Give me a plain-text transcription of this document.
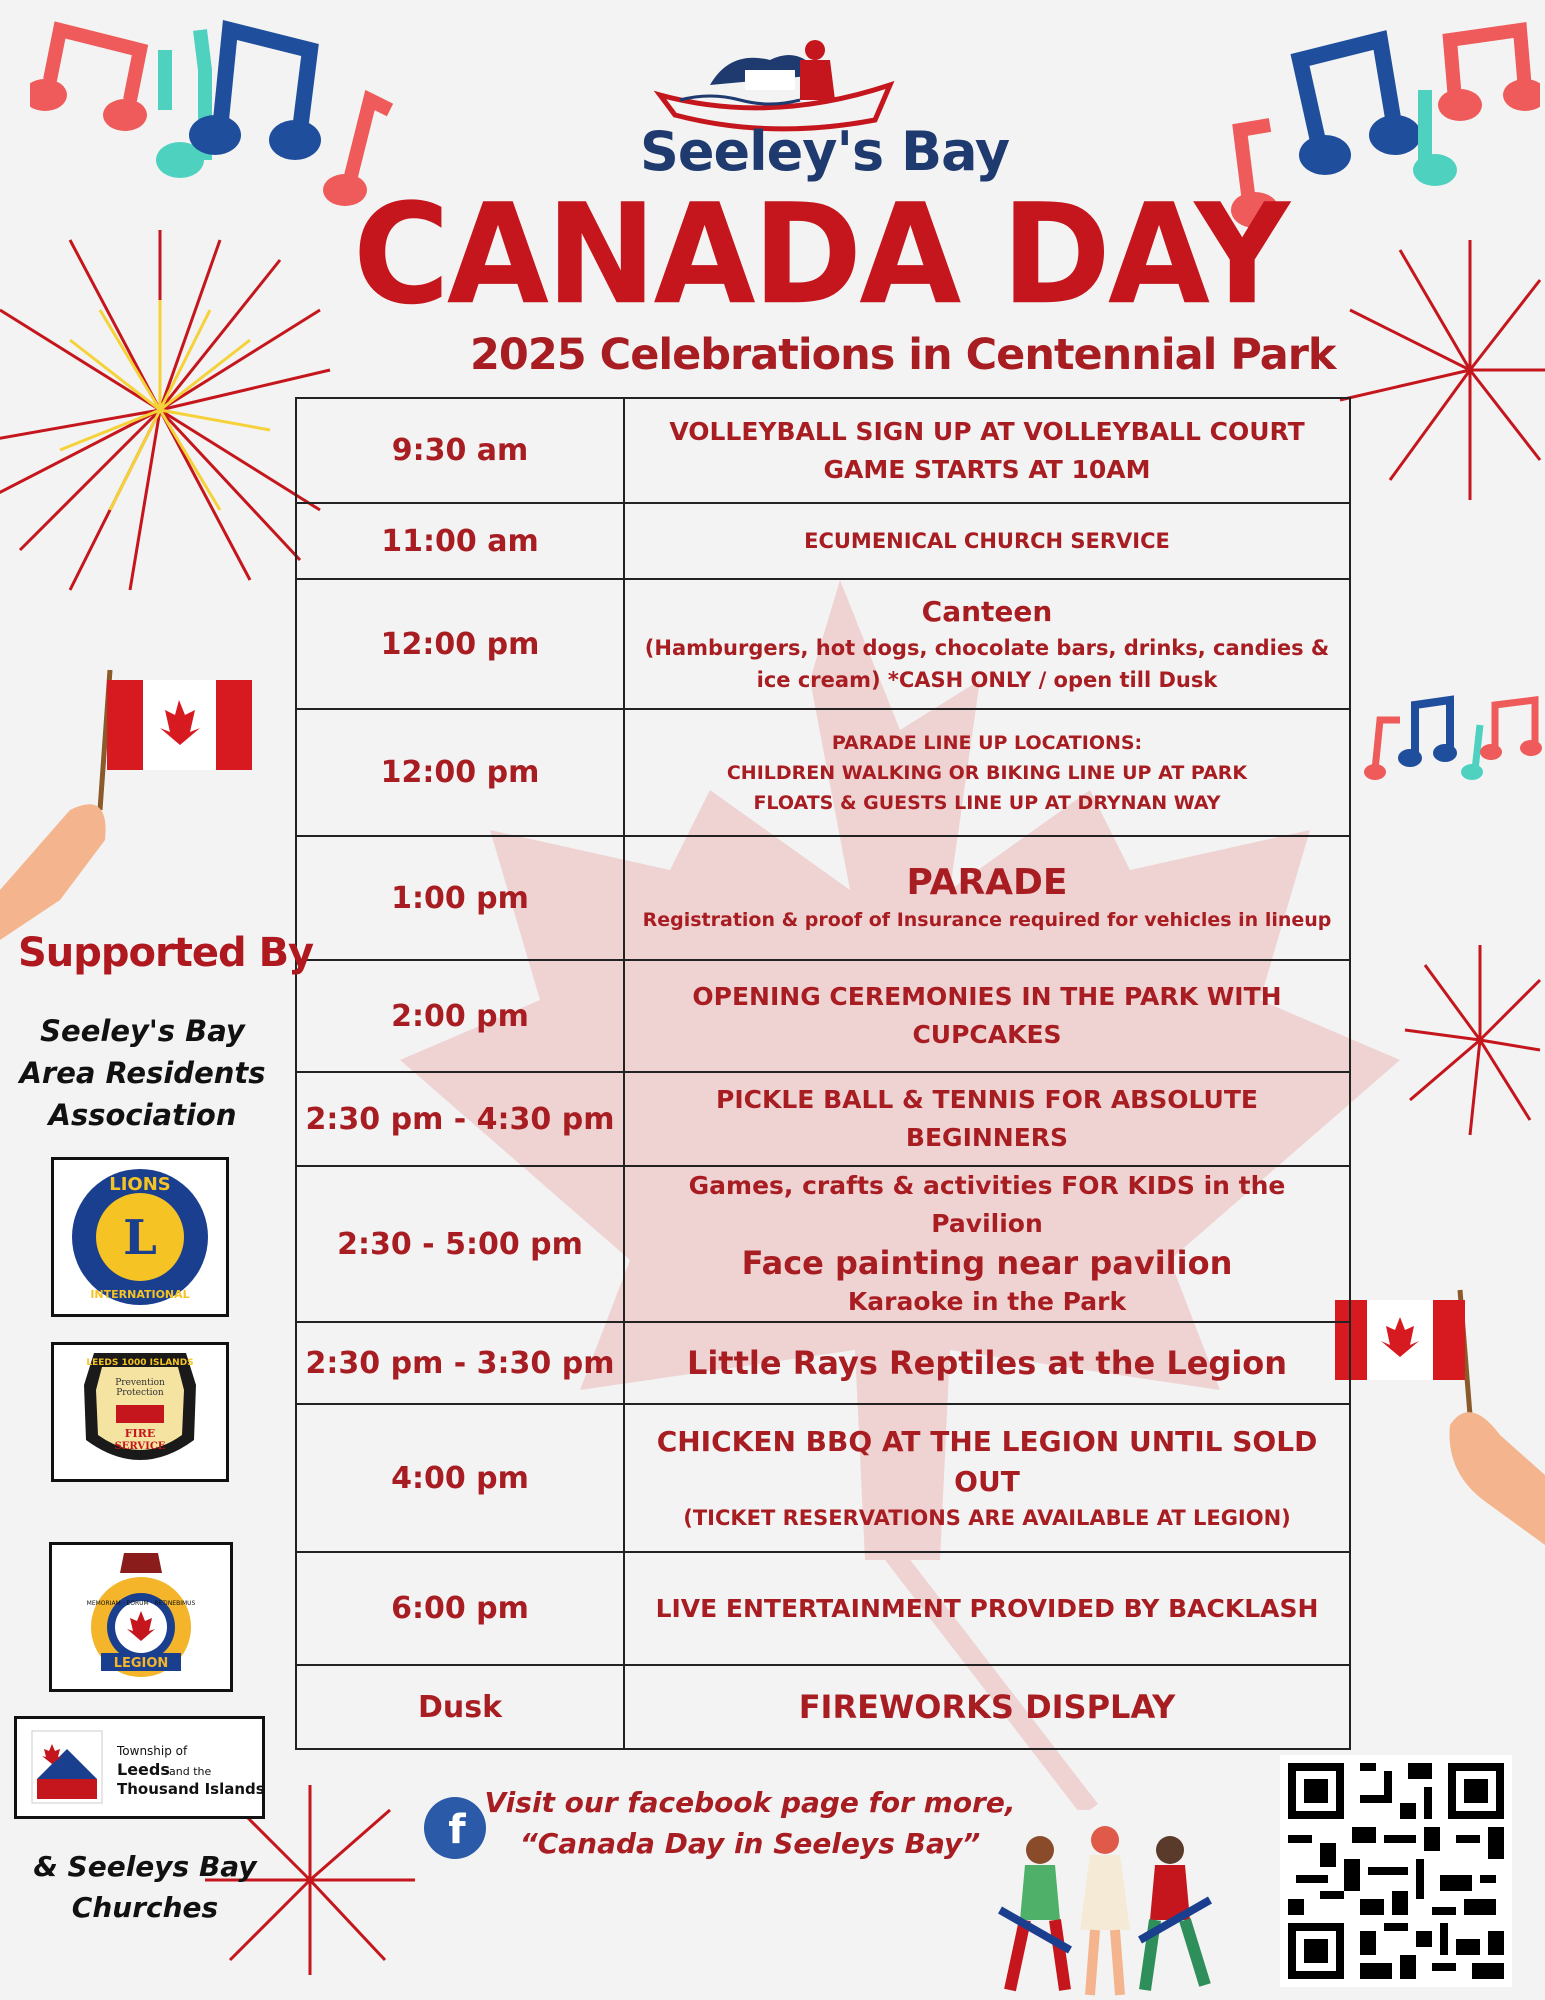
Seeley's Bay
CANADA DAY
2025 Celebrations in Centennial Park
9:30 am	VOLLEYBALL SIGN UP AT VOLLEYBALL COURT
GAME STARTS AT 10AM

11:00 am	ECUMENICAL CHURCH SERVICE

12:00 pm	Canteen
(Hamburgers, hot dogs, chocolate bars, drinks, candies & ice cream) *CASH ONLY / open till Dusk

12:00 pm	PARADE LINE UP LOCATIONS:
CHILDREN WALKING OR BIKING LINE UP AT PARK
FLOATS & GUESTS LINE UP AT DRYNAN WAY

1:00 pm	PARADE
Registration & proof of Insurance required for vehicles in lineup

2:00 pm	OPENING CEREMONIES IN THE PARK WITH CUPCAKES

2:30 pm - 4:30 pm	PICKLE BALL & TENNIS FOR ABSOLUTE BEGINNERS

2:30 - 5:00 pm	Games, crafts & activities FOR KIDS in the Pavilion
Face painting near pavilion
Karaoke in the Park

2:30 pm - 3:30 pm	Little Rays Reptiles at the Legion

4:00 pm	CHICKEN BBQ AT THE LEGION UNTIL SOLD OUT
(TICKET RESERVATIONS ARE AVAILABLE AT LEGION)

6:00 pm	LIVE ENTERTAINMENT PROVIDED BY BACKLASH

Dusk	FIREWORKS DISPLAY
Supported By
Seeley's Bay Area Residents Association
L
LIONS
INTERNATIONAL
LEEDS 1000 ISLANDS
Prevention
Protection
FIRE
SERVICE
MEMORIAM · EORUM · RETINEBIMUS
LEGION
Township of
Leeds and the
Thousand Islands
& Seeleys Bay Churches
f
Visit our facebook page for more,
“Canada Day in Seeleys Bay”
